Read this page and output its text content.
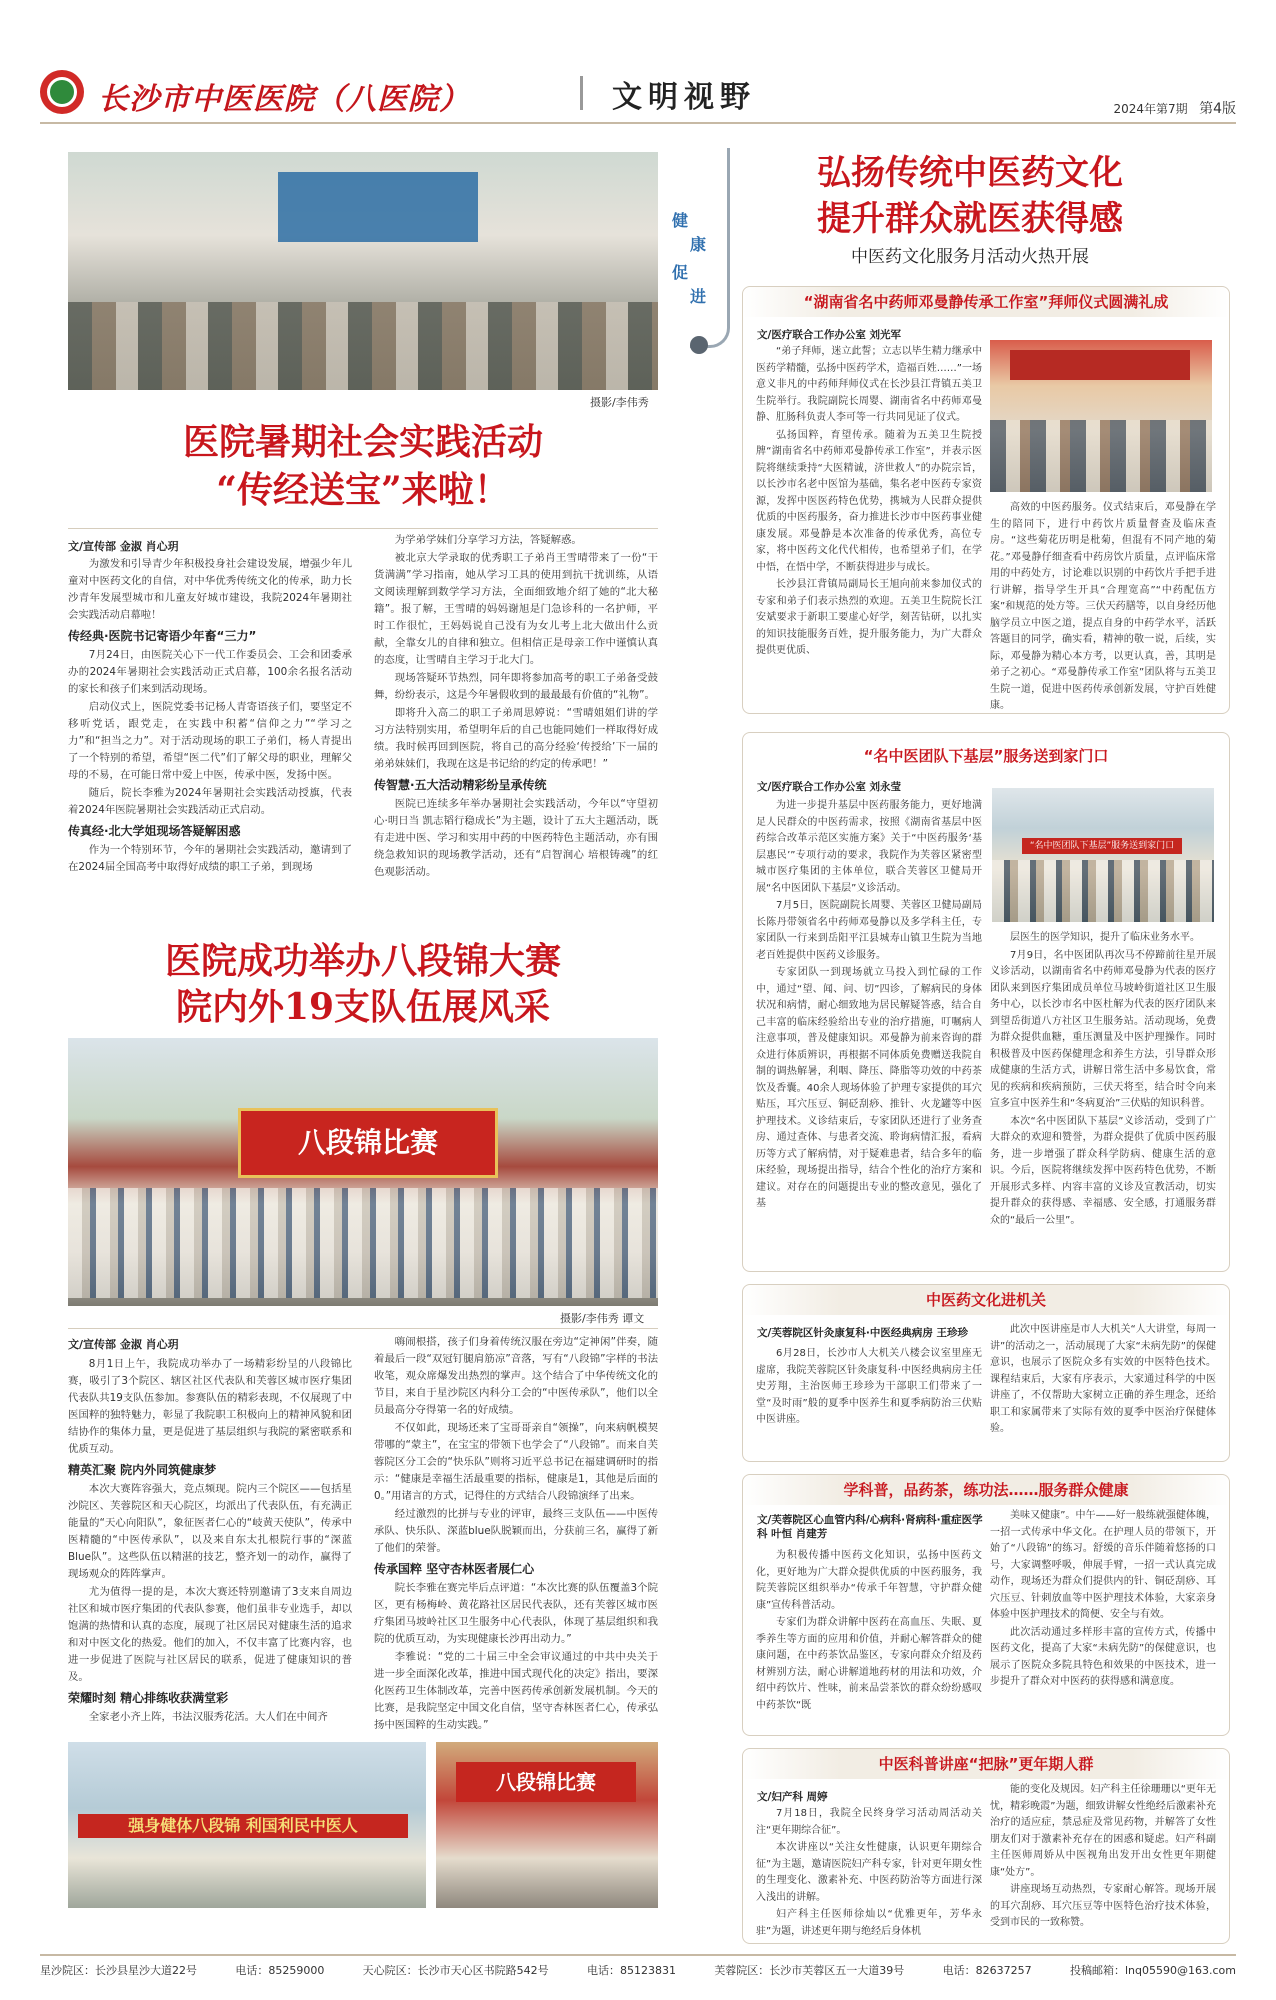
长沙市中医医院（八医院）	文明视野	2024年第7期 第4版
摄影/李伟秀
医院暑期社会实践活动
“传经送宝”来啦！
文/宣传部 金淑 肖心玥

为激发和引导青少年积极投身社会建设发展，增强少年儿童对中医药文化的自信，对中华优秀传统文化的传承，助力长沙青年发展型城市和儿童友好城市建设，我院2024年暑期社会实践活动启幕啦！

传经典·医院书记寄语少年畜“三力”

7月24日，由医院关心下一代工作委员会、工会和团委承办的2024年暑期社会实践活动正式启幕，100余名报名活动的家长和孩子们来到活动现场。

启动仪式上，医院党委书记杨人青寄语孩子们，要坚定不移听党话，跟党走，在实践中积蓄“信仰之力”“学习之力”和“担当之力”。对于活动现场的职工子弟们，杨人青提出了一个特别的希望，希望“医二代”们了解父母的职业，理解父母的不易，在可能日常中爱上中医，传承中医，发扬中医。

随后，院长李雅为2024年暑期社会实践活动授旗，代表着2024年医院暑期社会实践活动正式启动。

传真经·北大学姐现场答疑解困惑

作为一个特别环节，今年的暑期社会实践活动，邀请到了在2024届全国高考中取得好成绩的职工子弟，到现场

为学弟学妹们分享学习方法，答疑解惑。

被北京大学录取的优秀职工子弟肖王雪晴带来了一份“干货满满”学习指南，她从学习工具的使用到抗干扰训练，从语文阅读理解到数学学习方法，全面细致地介绍了她的“北大秘籍”。报了解，王雪晴的妈妈谢旭是门急诊科的一名护师，平时工作很忙，王妈妈说自己没有为女儿考上北大做出什么贡献，全靠女儿的自律和独立。但相信正是母亲工作中谨慎认真的态度，让雪晴自主学习于北大门。

现场答疑环节热烈，同年即将参加高考的职工子弟备受鼓舞，纷纷表示，这是今年暑假收到的最最最有价值的“礼物”。

即将升入高二的职工子弟周思婷说：“雪晴姐姐们讲的学习方法特别实用，希望明年后的自己也能同她们一样取得好成绩。我时候再回到医院，将自己的高分经验‘传授给’下一届的弟弟妹妹们，我现在这是书记给的约定的传承吧！”

传智慧·五大活动精彩纷呈承传统

医院已连续多年举办暑期社会实践活动，今年以“守望初心·明日当 凯志韬行稳成长”为主题，设计了五大主题活动，既有走进中医、学习和实用中药的中医药特色主题活动，亦有围绕急救知识的现场教学活动，还有“启智润心 培根铸魂”的红色观影活动。

医院成功举办八段锦大赛
院内外19支队伍展风采
八段锦比赛
摄影/李伟秀 谭文
文/宣传部 金淑 肖心玥

8月1日上午，我院成功举办了一场精彩纷呈的八段锦比赛，吸引了3个院区、辖区社区代表队和芙蓉区城市医疗集团代表队共19支队伍参加。参赛队伍的精彩表现，不仅展现了中医国粹的独特魅力，彰显了我院职工积极向上的精神风貌和团结协作的集体力量，更是促进了基层组织与我院的紧密联系和优质互动。

精英汇聚 院内外同筑健康梦

本次大赛阵容强大，竞点频现。院内三个院区——包括星沙院区、芙蓉院区和天心院区，均派出了代表队伍，有充满正能量的“天心向阳队”，象征医者仁心的“岐黄天使队”，传承中医精髓的“中医传承队”，以及来自东太扎根院行事的“深蓝Blue队”。这些队伍以精湛的技艺，整齐划一的动作，赢得了现场观众的阵阵掌声。

尤为值得一提的是，本次大赛还特别邀请了3支来自周边社区和城市医疗集团的代表队参赛，他们虽非专业选手，却以饱满的热情和认真的态度，展现了社区居民对健康生活的追求和对中医文化的热爱。他们的加入，不仅丰富了比赛内容，也进一步促进了医院与社区居民的联系，促进了健康知识的普及。

荣耀时刻 精心排练收获满堂彩

全家老小齐上阵，书法汉服秀花活。大人们在中间齐

嗨闹根搭，孩子们身着传统汉服在旁边“定神闲”伴奏，随着最后一段“双冠钉腿肩筋凉”音落，写有“八段锦”字样的书法收笔，观众席爆发出热烈的掌声。这个结合了中华传统文化的节目，来自于星沙院区内科分工会的“中医传承队”，他们以全员最高分夺得第一名的好成绩。

不仅如此，现场还来了宝哥哥亲自“领操”，向来病帆模契带哪的“蒙主”，在宝宝的带领下也学会了“八段锦”。而来自芙蓉院区分工会的“快乐队”则将习近平总书记在福建调研时的指示：“健康是幸福生活最重要的指标，健康是1，其他是后面的0。”用诸言的方式，记得住的方式结合八段锦演绎了出来。

经过激烈的比拼与专业的评审，最终三支队伍——中医传承队、快乐队、深蓝blue队脱颖而出，分获前三名，赢得了新了他们的荣誉。

传承国粹 坚守杏林医者展仁心

院长李雅在赛完毕后点评道：“本次比赛的队伍覆盖3个院区，更有杨梅岭、黄花路社区居民代表队，还有芙蓉区城市医疗集团马坡岭社区卫生服务中心代表队，体现了基层组织和我院的优质互动，为实现健康长沙再出动力。”

李雅说：“党的二十届三中全会审议通过的中共中央关于进一步全面深化改革，推进中国式现代化的决定》指出，要深化医药卫生体制改革，完善中医药传承创新发展机制。今天的比赛，是我院坚定中国文化自信，坚守杏林医者仁心，传承弘扬中医国粹的生动实践。”

强身健体八段锦 利国利民中医人
八段锦比赛
健
康
促
进
弘扬传统中医药文化
提升群众就医获得感
中医药文化服务月活动火热开展
“湖南省名中药师邓曼静传承工作室”拜师仪式圆满礼成
文/医疗联合工作办公室 刘光军

“弟子拜师，迷立此誓；立志以毕生精力继承中医药学精髓，弘扬中医药学术，造福百姓……”一场意义非凡的中药师拜师仪式在长沙县江背镇五美卫生院举行。我院副院长周婴、湖南省名中药师邓曼静、肛肠科负责人李可等一行共同见证了仪式。

弘扬国粹，育望传承。随着为五美卫生院授牌“湖南省名中药师邓曼静传承工作室”，并表示医院将继续秉持“大医精诚，济世救人”的办院宗旨，以长沙市名老中医馆为基础，集名老中医药专家资源，发挥中医医药特色优势，携城为人民群众提供优质的中医药服务，奋力推进长沙市中医药事业健康发展。邓曼静是本次准备的传承优秀，高位专家，将中医药文化代代相传，也希望弟子们，在学中悟，在悟中学，不断获得进步与成长。

长沙县江背镇局副局长王旭向前来参加仪式的专家和弟子们表示热烈的欢迎。五美卫生院院长江安斌要求于新职工要虚心好学，刻苦钻研，以扎实的知识技能服务百姓，提升服务能力，为广大群众提供更优质、

高效的中医药服务。仪式结束后，邓曼静在学生的陪同下，进行中药饮片质量督查及临床查房。“这些菊花历明是枇菊，但混有不同产地的菊花。”邓曼静仔细查看中药房饮片质量，点评临床常用的中药处方，讨论难以识别的中药饮片手把手进行讲解，指导学生开具“合理宽高”“中药配伍方案”和规范的处方等。三伏天药膳等，以自身经历他脑学员立中医之道，提点自身的中药学水平，活跃答题目的同学，确实看，精神的敬一说，后续，实际，邓曼静为精心本方考，以更认真，善，其明是弟子之初心。“邓曼静传承工作室”团队将与五美卫生院一道，促进中医药传承创新发展，守护百姓健康。

“名中医团队下基层”服务送到家门口
文/医疗联合工作办公室 刘永莹

为进一步提升基层中医药服务能力，更好地满足人民群众的中医药需求，按照《湖南省基层中医药综合改革示范区实施方案》关于“中医药服务‘基层惠民’”专项行动的要求，我院作为芙蓉区紧密型城市医疗集团的主体单位，联合芙蓉区卫健局开展“名中医团队下基层”义诊活动。

7月5日，医院副院长周婴、芙蓉区卫健局副局长陈丹带领省名中药师邓曼静以及多学科主任，专家团队一行来到岳阳平江县城寿山镇卫生院为当地老百姓提供中医药义诊服务。

专家团队一到现场就立马投入到忙碌的工作中，通过“望、闻、问、切”四诊，了解病民的身体状况和病情，耐心细致地为居民解疑答惑，结合自己丰富的临床经验给出专业的治疗措施，叮嘱病人注意事项，普及健康知识。邓曼静为前来咨询的群众进行体质辨识，再根据不同体质免费赠送我院自制的调热解暑，利咽、降压、降脂等功效的中药茶饮及香囊。40余人现场体验了护理专家提供的耳穴贴压，耳穴压豆、铜砭刮痧、推针、火龙罐等中医护理技术。义诊结束后，专家团队还进行了业务查房、通过查体、与患者交流、聆询病情汇报，看病历等方式了解病情，对于疑难患者，结合多年的临床经验，现场提出指导，结合个性化的治疗方案和建议。对存在的问题提出专业的整改意见，强化了基

“名中医团队下基层”服务送到家门口

层医生的医学知识，提升了临床业务水平。

7月9日，名中医团队再次马不停蹄前往星开展义诊活动，以湖南省名中药师邓曼静为代表的医疗团队来到医疗集团成员单位马坡岭街道社区卫生服务中心，以长沙市名中医杜解为代表的医疗团队来到望岳街道八方社区卫生服务站。活动现场，免费为群众提供血糖，重压测量及中医护理操作。同时积极普及中医药保健理念和养生方法，引导群众形成健康的生活方式，讲解日常生活中多易饮食，常见的疾病和疾病预防，三伏天将至，结合时令向来宣多宣中医养生和“冬病夏治”三伏贴的知识科普。

本次“名中医团队下基层”义诊活动，受到了广大群众的欢迎和赞誉，为群众提供了优质中医药服务，进一步增强了群众科学防病、健康生活的意识。今后，医院将继续发挥中医药特色优势，不断开展形式多样、内容丰富的义诊及宣教活动，切实提升群众的获得感、幸福感、安全感，打通服务群众的“最后一公里”。

中医药文化进机关
文/芙蓉院区针灸康复科·中医经典病房 王珍珍

6月28日，长沙市人大机关八楼会议室里座无虚席，我院芙蓉院区针灸康复科·中医经典病房主任史芳翔，主治医师王珍珍为干部职工们带来了一堂“及时雨”般的夏季中医养生和夏季病防治三伏贴中医讲座。

此次中医讲座是市人大机关“人大讲堂，每周一讲”的活动之一，活动展现了大家“未病先防”的保健意识，也展示了医院众多有实效的中医特色技术。课程结束后，大家有序表示，大家通过科学的中医讲座了，不仅帮助大家树立正确的养生理念，还给职工和家属带来了实际有效的夏季中医治疗保健体验。

学科普，品药茶，练功法……服务群众健康
文/芙蓉院区心血管内科/心病科·肾病科·重症医学科 叶恒 肖建芳

为积极传播中医药文化知识，弘扬中医药文化，更好地为广大群众提供优质的中医药服务，我院芙蓉院区组织举办“传承千年智慧，守护群众健康”宣传科普活动。

专家们为群众讲解中医药在高血压、失眠、夏季养生等方面的应用和价值，并耐心解答群众的健康问题，在中药茶饮品鉴区，专家向群众介绍及药材辨别方法，耐心讲解道地药材的用法和功效，介绍中药饮片、性味，前来品尝茶饮的群众纷纷感叹中药茶饮“既

美味又健康”。中午——好一般练就强健体魄，一招一式传承中华文化。在护理人员的带领下，开始了“八段锦”的练习。舒缓的音乐伴随着悠扬的口号，大家调整呼吸，伸展手臂，一招一式认真完成动作，现场还为群众们提供内的针、铜砭刮痧、耳穴压豆、针刺放血等中医护理技术体验，大家亲身体验中医护理技术的简便、安全与有效。

此次活动通过多样形丰富的宣传方式，传播中医药文化，提高了大家“未病先防”的保健意识，也展示了医院众多院具特色和效果的中医技术，进一步提升了群众对中医药的获得感和满意度。

中医科普讲座“把脉”更年期人群
文/妇产科 周婷

7月18日，我院全民终身学习活动周活动关注“更年期综合征”。

本次讲座以“关注女性健康，认识更年期综合征”为主题，邀请医院妇产科专家，针对更年期女性的生理变化、激素补充、中医药防治等方面进行深入浅出的讲解。

妇产科主任医师徐灿以“优雅更年，芳华永驻”为题，讲述更年期与绝经后身体机

能的变化及规因。妇产科主任徐珊珊以“更年无忧，精彩晚霞”为题，细致讲解女性绝经后激素补充治疗的适应症，禁忌症及常见药物，并解答了女性朋友们对于激素补充存在的困惑和疑虑。妇产科副主任医师周娇从中医视角出发开出女性更年期健康“处方”。

讲座现场互动热烈，专家耐心解答。现场开展的耳穴刮痧、耳穴压豆等中医特色治疗技术体验，受到市民的一致称赞。

星沙院区：长沙县星沙大道22号	电话：85259000	天心院区：长沙市天心区书院路542号	电话：85123831	芙蓉院区：长沙市芙蓉区五一大道39号	电话：82637257	投稿邮箱：lnq05590@163.com
